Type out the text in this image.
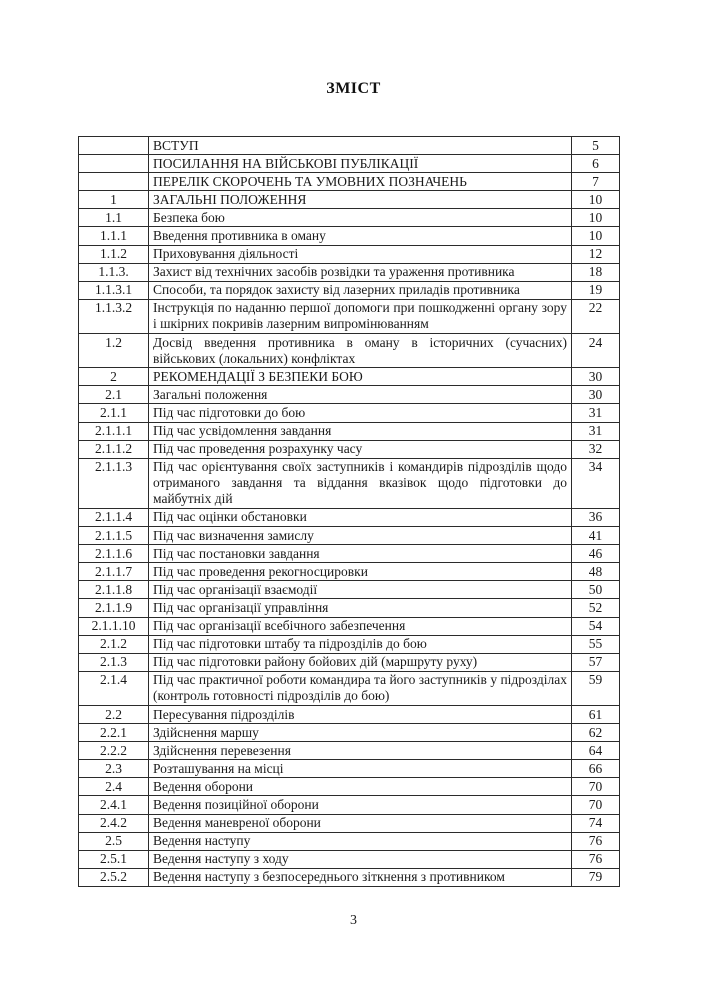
ЗМІСТ
	ВСТУП	5
	ПОСИЛАННЯ НА ВІЙСЬКОВІ ПУБЛІКАЦІЇ	6
	ПЕРЕЛІК СКОРОЧЕНЬ ТА УМОВНИХ ПОЗНАЧЕНЬ	7
1	ЗАГАЛЬНІ ПОЛОЖЕННЯ	10
1.1	Безпека бою	10
1.1.1	Введення противника в оману	10
1.1.2	Приховування діяльності	12
1.1.3.	Захист від технічних засобів розвідки та ураження противника	18
1.1.3.1	Способи, та порядок захисту від лазерних приладів противника	19
1.1.3.2	Інструкція по наданню першої допомоги при пошкодженні органу зору і шкірних покривів лазерним випромінюванням	22
1.2	Досвід введення противника в оману в історичних (сучасних) військових (локальних) конфліктах	24
2	РЕКОМЕНДАЦІЇ З БЕЗПЕКИ БОЮ	30
2.1	Загальні положення	30
2.1.1	Під час підготовки до бою	31
2.1.1.1	Під час усвідомлення завдання	31
2.1.1.2	Під час проведення розрахунку часу	32
2.1.1.3	Під час орієнтування своїх заступників і командирів підрозділів щодо отриманого завдання та віддання вказівок щодо підготовки до майбутніх дій	34
2.1.1.4	Під час оцінки обстановки	36
2.1.1.5	Під час визначення замислу	41
2.1.1.6	Під час постановки завдання	46
2.1.1.7	Під час проведення рекогносцировки	48
2.1.1.8	Під час організації взаємодії	50
2.1.1.9	Під час організації управління	52
2.1.1.10	Під час організації всебічного забезпечення	54
2.1.2	Під час підготовки штабу та підрозділів до бою	55
2.1.3	Під час підготовки району бойових дій (маршруту руху)	57
2.1.4	Під час практичної роботи командира та його заступників у підрозділах (контроль готовності підрозділів до бою)	59
2.2	Пересування підрозділів	61
2.2.1	Здійснення маршу	62
2.2.2	Здійснення перевезення	64
2.3	Розташування на місці	66
2.4	Ведення оборони	70
2.4.1	Ведення позиційної оборони	70
2.4.2	Ведення маневреної оборони	74
2.5	Ведення наступу	76
2.5.1	Ведення наступу з ходу	76
2.5.2	Ведення наступу з безпосереднього зіткнення з противником	79
3
